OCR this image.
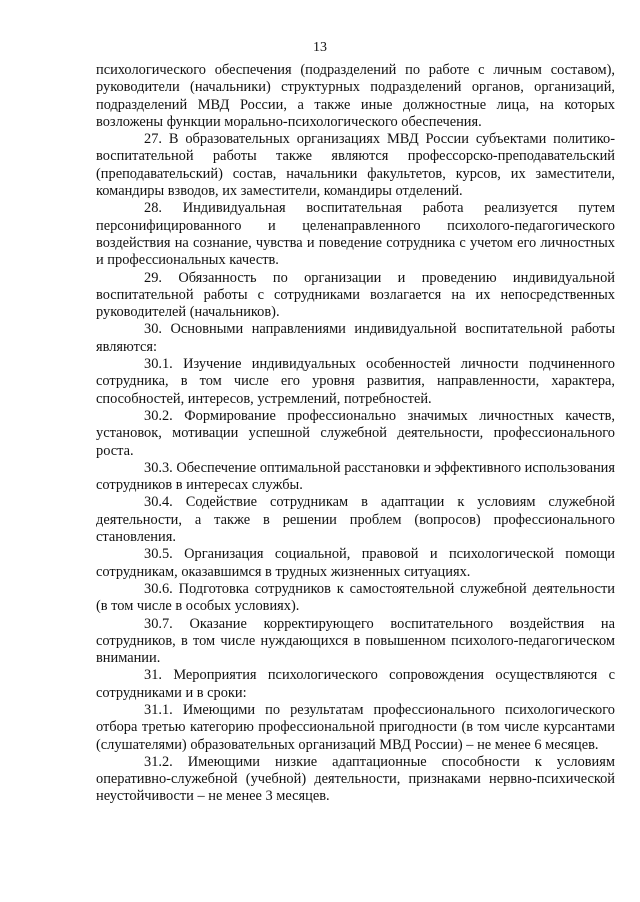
13

психологического обеспечения (подразделений по работе с личным составом), руководители (начальники) структурных подразделений органов, организаций, подразделений МВД России, а также иные должностные лица, на которых возложены функции морально-психологического обеспечения.

27. В образовательных организациях МВД России субъектами политико-воспитательной работы также являются профессорско-преподавательский (преподавательский) состав, начальники факультетов, курсов, их заместители, командиры взводов, их заместители, командиры отделений.

28. Индивидуальная воспитательная работа реализуется путем персонифицированного и целенаправленного психолого-педагогического воздействия на сознание, чувства и поведение сотрудника с учетом его личностных и профессиональных качеств.

29. Обязанность по организации и проведению индивидуальной воспитательной работы с сотрудниками возлагается на их непосредственных руководителей (начальников).

30. Основными направлениями индивидуальной воспитательной работы являются:

30.1. Изучение индивидуальных особенностей личности подчиненного сотрудника, в том числе его уровня развития, направленности, характера, способностей, интересов, устремлений, потребностей.

30.2. Формирование профессионально значимых личностных качеств, установок, мотивации успешной служебной деятельности, профессионального роста.

30.3. Обеспечение оптимальной расстановки и эффективного использования сотрудников в интересах службы.

30.4. Содействие сотрудникам в адаптации к условиям служебной деятельности, а также в решении проблем (вопросов) профессионального становления.

30.5. Организация социальной, правовой и психологической помощи сотрудникам, оказавшимся в трудных жизненных ситуациях.

30.6. Подготовка сотрудников к самостоятельной служебной деятельности (в том числе в особых условиях).

30.7. Оказание корректирующего воспитательного воздействия на сотрудников, в том числе нуждающихся в повышенном психолого-педагогическом внимании.

31. Мероприятия психологического сопровождения осуществляются с сотрудниками и в сроки:

31.1. Имеющими по результатам профессионального психологического отбора третью категорию профессиональной пригодности (в том числе курсантами (слушателями) образовательных организаций МВД России) – не менее 6 месяцев.

31.2. Имеющими низкие адаптационные способности к условиям оперативно-служебной (учебной) деятельности, признаками нервно-психической неустойчивости – не менее 3 месяцев.
